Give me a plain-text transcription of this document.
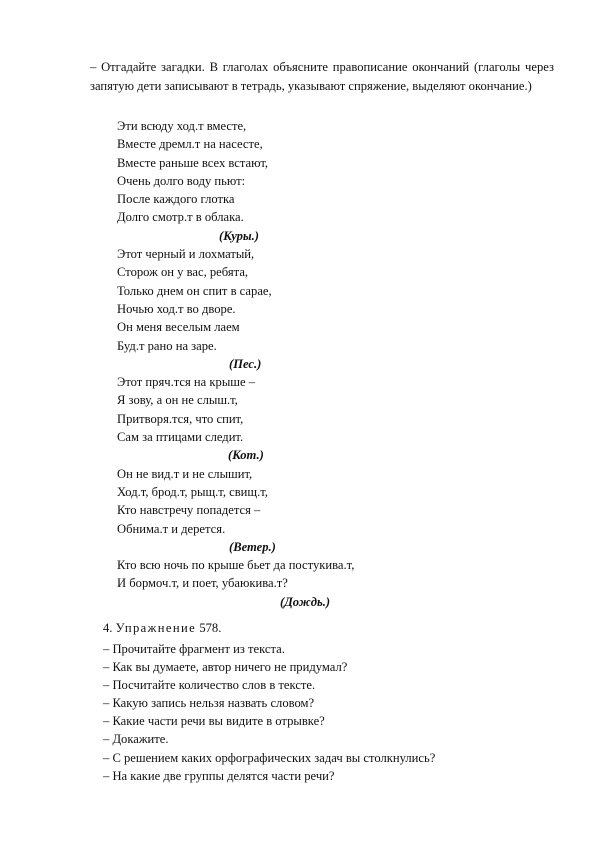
– Отгадайте загадки. В глаголах объясните правописание окончаний (глаголы через запятую дети записывают в тетрадь, указывают спряжение, выделяют окончание.)

Эти всюду ход.т вместе,
Вместе дремл.т на насесте,
Вместе раньше всех встают,
Очень долго воду пьют:
После каждого глотка
Долго смотр.т в облака.
(Куры.)
Этот черный и лохматый,
Сторож он у вас, ребята,
Только днем он спит в сарае,
Ночью ход.т во дворе.
Он меня веселым лаем
Буд.т рано на заре.
(Пес.)
Этот пряч.тся на крыше –
Я зову, а он не слыш.т,
Притворя.тся, что спит,
Сам за птицами следит.
(Кот.)
Он не вид.т и не слышит,
Ход.т, брод.т, рыщ.т, свищ.т,
Кто навстречу попадется –
Обнима.т и дерется.
(Ветер.)
Кто всю ночь по крыше бьет да постукива.т,
И бормоч.т, и поет, убаюкива.т?
(Дождь.)
4. Упражнение 578.
– Прочитайте фрагмент из текста.
– Как вы думаете, автор ничего не придумал?
– Посчитайте количество слов в тексте.
– Какую запись нельзя назвать словом?
– Какие части речи вы видите в отрывке?
– Докажите.
– С решением каких орфографических задач вы столкнулись?
– На какие две группы делятся части речи?
